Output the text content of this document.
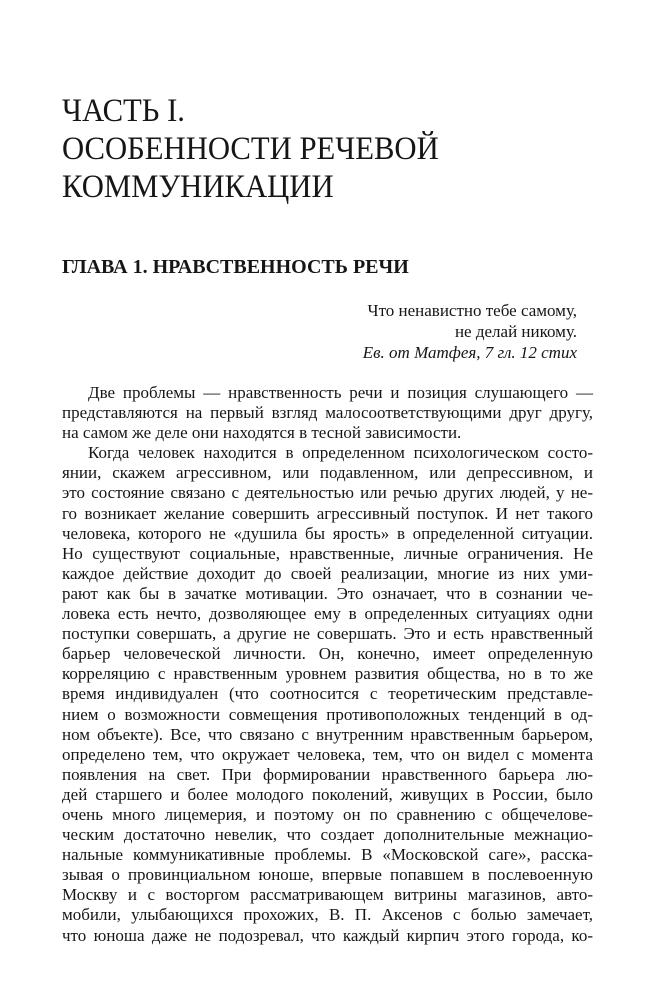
ЧАСТЬ I.
ОСОБЕННОСТИ РЕЧЕВОЙ
КОММУНИКАЦИИ
ГЛАВА 1. НРАВСТВЕННОСТЬ РЕЧИ
Что ненавистно тебе самому,
не делай никому.
Ев. от Матфея, 7 гл. 12 стих
Две проблемы — нравственность речи и позиция слушающего —
представляются на первый взгляд малосоответствующими друг другу,
на самом же деле они находятся в тесной зависимости.
Когда человек находится в определенном психологическом состо-
янии, скажем агрессивном, или подавленном, или депрессивном, и
это состояние связано с деятельностью или речью других людей, у не-
го возникает желание совершить агрессивный поступок. И нет такого
человека, которого не «душила бы ярость» в определенной ситуации.
Но существуют социальные, нравственные, личные ограничения. Не
каждое действие доходит до своей реализации, многие из них уми-
рают как бы в зачатке мотивации. Это означает, что в сознании че-
ловека есть нечто, дозволяющее ему в определенных ситуациях одни
поступки совершать, а другие не совершать. Это и есть нравственный
барьер человеческой личности. Он, конечно, имеет определенную
корреляцию с нравственным уровнем развития общества, но в то же
время индивидуален (что соотносится с теоретическим представле-
нием о возможности совмещения противоположных тенденций в од-
ном объекте). Все, что связано с внутренним нравственным барьером,
определено тем, что окружает человека, тем, что он видел с момента
появления на свет. При формировании нравственного барьера лю-
дей старшего и более молодого поколений, живущих в России, было
очень много лицемерия, и поэтому он по сравнению с общечелове-
ческим достаточно невелик, что создает дополнительные межнацио-
нальные коммуникативные проблемы. В «Московской саге», расска-
зывая о провинциальном юноше, впервые попавшем в послевоенную
Москву и с восторгом рассматривающем витрины магазинов, авто-
мобили, улыбающихся прохожих, В. П. Аксенов с болью замечает,
что юноша даже не подозревал, что каждый кирпич этого города, ко-
